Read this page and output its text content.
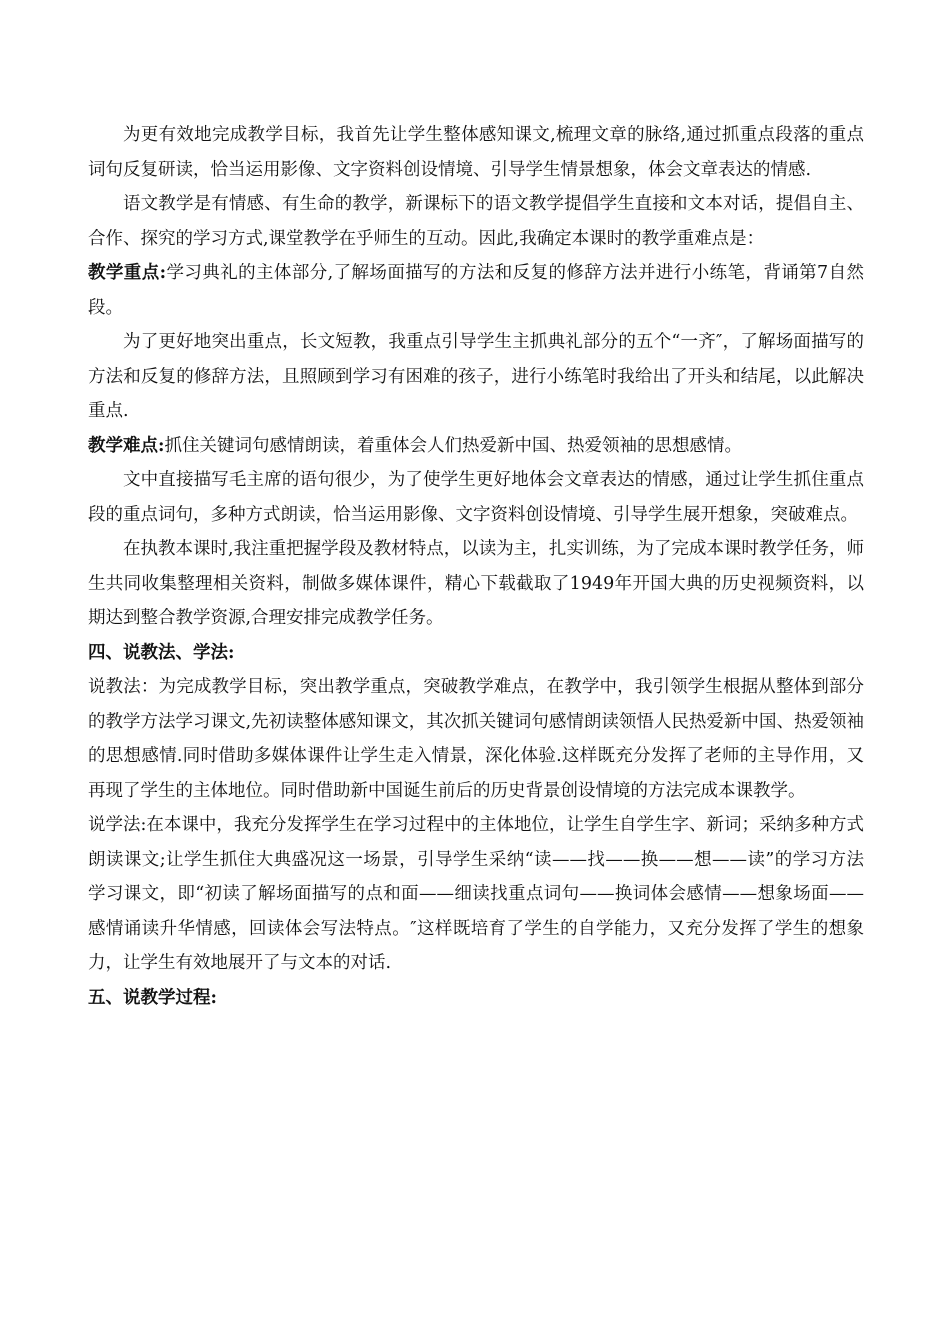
为更有效地完成教学目标，我首先让学生整体感知课文,梳理文章的脉络,通过抓重点段落的重点词句反复研读，恰当运用影像、文字资料创设情境、引导学生情景想象，体会文章表达的情感.

语文教学是有情感、有生命的教学，新课标下的语文教学提倡学生直接和文本对话，提倡自主、合作、探究的学习方式,课堂教学在乎师生的互动。因此,我确定本课时的教学重难点是：

教学重点:学习典礼的主体部分,了解场面描写的方法和反复的修辞方法并进行小练笔，背诵第7自然段。

为了更好地突出重点，长文短教，我重点引导学生主抓典礼部分的五个“一齐″，了解场面描写的方法和反复的修辞方法，且照顾到学习有困难的孩子，进行小练笔时我给出了开头和结尾，以此解决重点.

教学难点:抓住关键词句感情朗读，着重体会人们热爱新中国、热爱领袖的思想感情。

文中直接描写毛主席的语句很少，为了使学生更好地体会文章表达的情感，通过让学生抓住重点段的重点词句，多种方式朗读，恰当运用影像、文字资料创设情境、引导学生展开想象，突破难点。

在执教本课时,我注重把握学段及教材特点，以读为主，扎实训练，为了完成本课时教学任务，师生共同收集整理相关资料，制做多媒体课件，精心下载截取了1949年开国大典的历史视频资料，以期达到整合教学资源,合理安排完成教学任务。

四、说教法、学法:

说教法：为完成教学目标，突出教学重点，突破教学难点，在教学中，我引领学生根据从整体到部分的教学方法学习课文,先初读整体感知课文，其次抓关键词句感情朗读领悟人民热爱新中国、热爱领袖的思想感情.同时借助多媒体课件让学生走入情景，深化体验.这样既充分发挥了老师的主导作用，又再现了学生的主体地位。同时借助新中国诞生前后的历史背景创设情境的方法完成本课教学。

说学法:在本课中，我充分发挥学生在学习过程中的主体地位，让学生自学生字、新词；采纳多种方式朗读课文;让学生抓住大典盛况这一场景，引导学生采纳“读——找——换——想——读”的学习方法学习课文，即“初读了解场面描写的点和面——细读找重点词句——换词体会感情——想象场面——感情诵读升华情感，回读体会写法特点。″这样既培育了学生的自学能力，又充分发挥了学生的想象力，让学生有效地展开了与文本的对话.

五、说教学过程:
